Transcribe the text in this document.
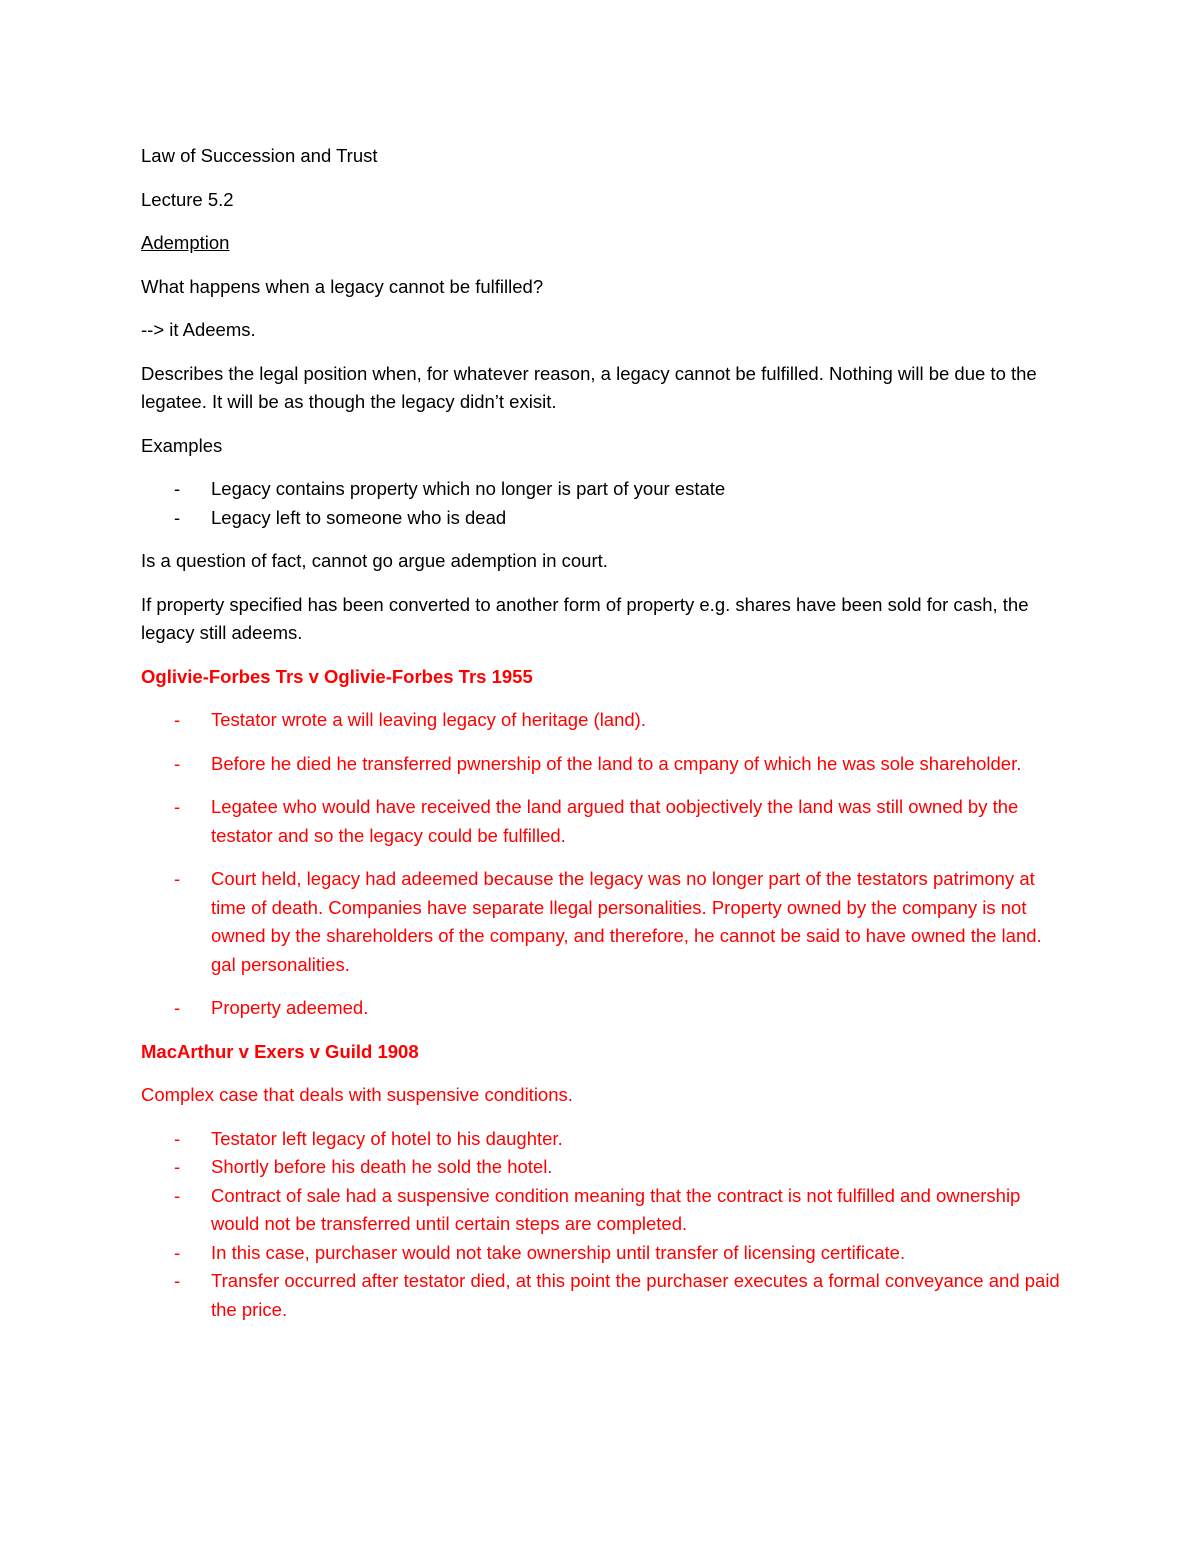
Law of Succession and Trust

Lecture 5.2

Ademption

What happens when a legacy cannot be fulfilled?

--> it Adeems.

Describes the legal position when, for whatever reason, a legacy cannot be fulfilled. Nothing will be due to the legatee. It will be as though the legacy didn’t exisit.

Examples

- Legacy contains property which no longer is part of your estate
- Legacy left to someone who is dead

Is a question of fact, cannot go argue ademption in court.

If property specified has been converted to another form of property e.g. shares have been sold for cash, the legacy still adeems.

Oglivie-Forbes Trs v Oglivie-Forbes Trs 1955

- Testator wrote a will leaving legacy of heritage (land).
- Before he died he transferred pwnership of the land to a cmpany of which he was sole shareholder.
- Legatee who would have received the land argued that oobjectively the land was still owned by the testator and so the legacy could be fulfilled.
- Court held, legacy had adeemed because the legacy was no longer part of the testators patrimony at time of death. Companies have separate llegal personalities. Property owned by the company is not owned by the shareholders of the company, and therefore, he cannot be said to have owned the land. gal personalities.
- Property adeemed.

MacArthur v Exers v Guild 1908

Complex case that deals with suspensive conditions.

- Testator left legacy of hotel to his daughter.
- Shortly before his death he sold the hotel.
- Contract of sale had a suspensive condition meaning that the contract is not fulfilled and ownership would not be transferred until certain steps are completed.
- In this case, purchaser would not take ownership until transfer of licensing certificate.
- Transfer occurred after testator died, at this point the purchaser executes a formal conveyance and paid the price.
